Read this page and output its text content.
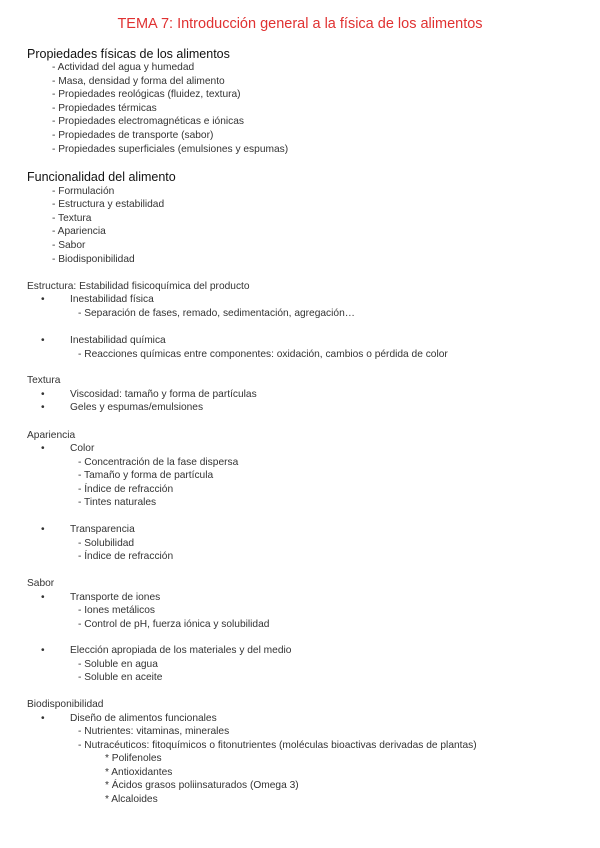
TEMA 7: Introducción general a la física de los alimentos
Propiedades físicas de los alimentos
- Actividad del agua y humedad
- Masa, densidad y forma del alimento
- Propiedades reológicas (fluidez, textura)
- Propiedades térmicas
- Propiedades electromagnéticas e iónicas
- Propiedades de transporte (sabor)
- Propiedades superficiales (emulsiones y espumas)
Funcionalidad del alimento
- Formulación
- Estructura y estabilidad
- Textura
- Apariencia
- Sabor
- Biodisponibilidad
Estructura: Estabilidad fisicoquímica del producto
• Inestabilidad física
- Separación de fases, remado, sedimentación, agregación…
• Inestabilidad química
- Reacciones químicas entre componentes: oxidación, cambios o pérdida de color
Textura
• Viscosidad: tamaño y forma de partículas
• Geles y espumas/emulsiones
Apariencia
• Color
- Concentración de la fase dispersa
- Tamaño y forma de partícula
- Índice de refracción
- Tintes naturales
• Transparencia
- Solubilidad
- Índice de refracción
Sabor
• Transporte de iones
- Iones metálicos
- Control de pH, fuerza iónica y solubilidad
• Elección apropiada de los materiales y del medio
- Soluble en agua
- Soluble en aceite
Biodisponibilidad
• Diseño de alimentos funcionales
- Nutrientes: vitaminas, minerales
- Nutracéuticos: fitoquímicos o fitonutrientes (moléculas bioactivas derivadas de plantas)
* Polifenoles
* Antioxidantes
* Ácidos grasos poliinsaturados (Omega 3)
* Alcaloides
